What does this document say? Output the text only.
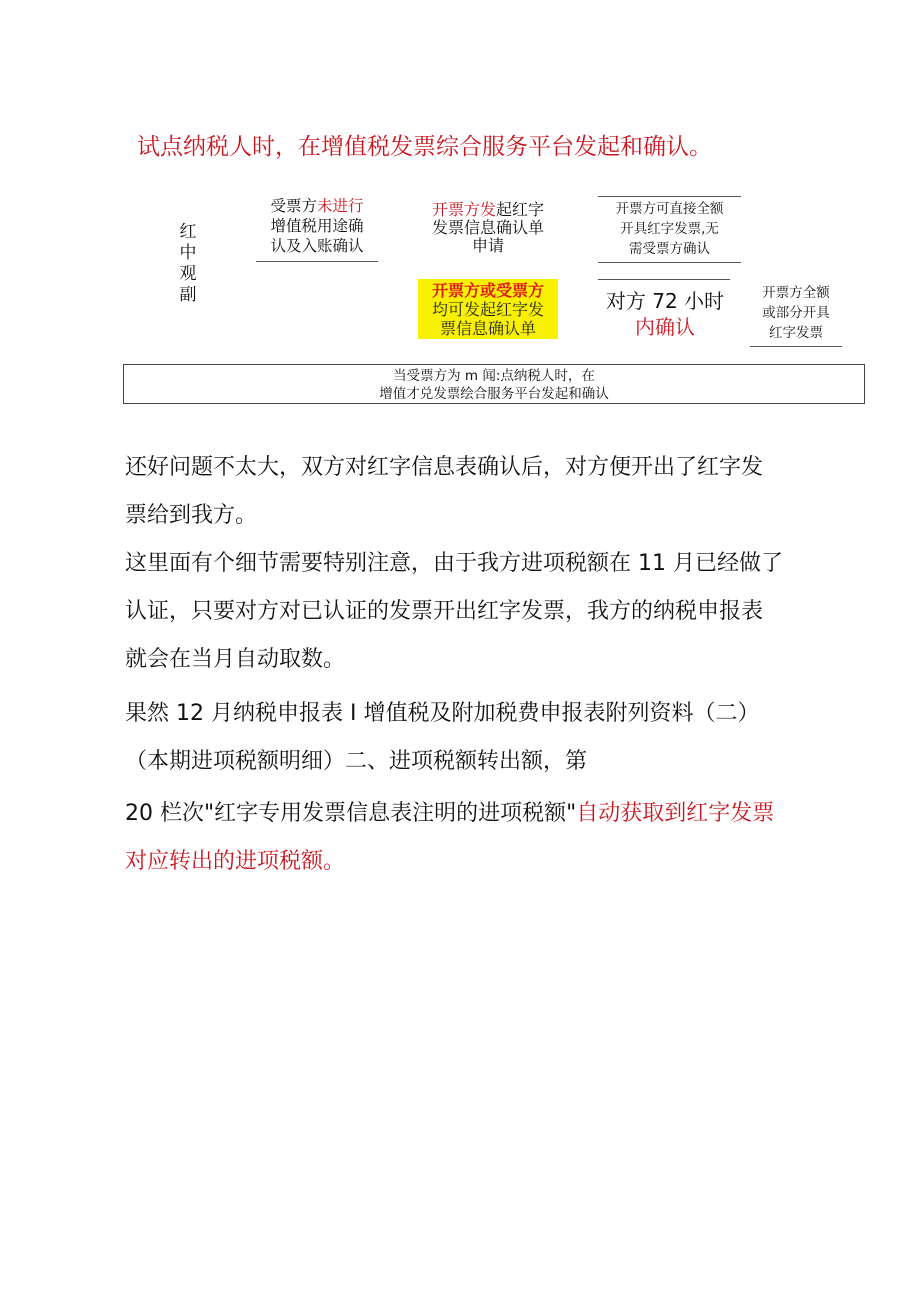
试点纳税人时，在增值税发票综合服务平台发起和确认。
红
中
观
副
受票方未进行
增值税用途确
认及入账确认
开票方发起红字
发票信息确认单
申请
开票方可直接全额
开具红字发票,无
需受票方确认
开票方或受票方
均可发起红字发
票信息确认单
对方 72 小时
内确认
开票方全额
或部分开具
红字发票
当受票方为 m 闻:点纳税人时，在
增值才兑发票绘合服务平台发起和确认
还好问题不太大，双方对红字信息表确认后，对方便开出了红字发
票给到我方。
这里面有个细节需要特别注意，由于我方进项税额在 11 月已经做了
认证，只要对方对已认证的发票开出红字发票，我方的纳税申报表
就会在当月自动取数。
果然 12 月纳税申报表 I 增值税及附加税费申报表附列资料（二）
（本期进项税额明细）二、进项税额转出额，第
20 栏次"红字专用发票信息表注明的进项税额"自动获取到红字发票
对应转出的进项税额。
